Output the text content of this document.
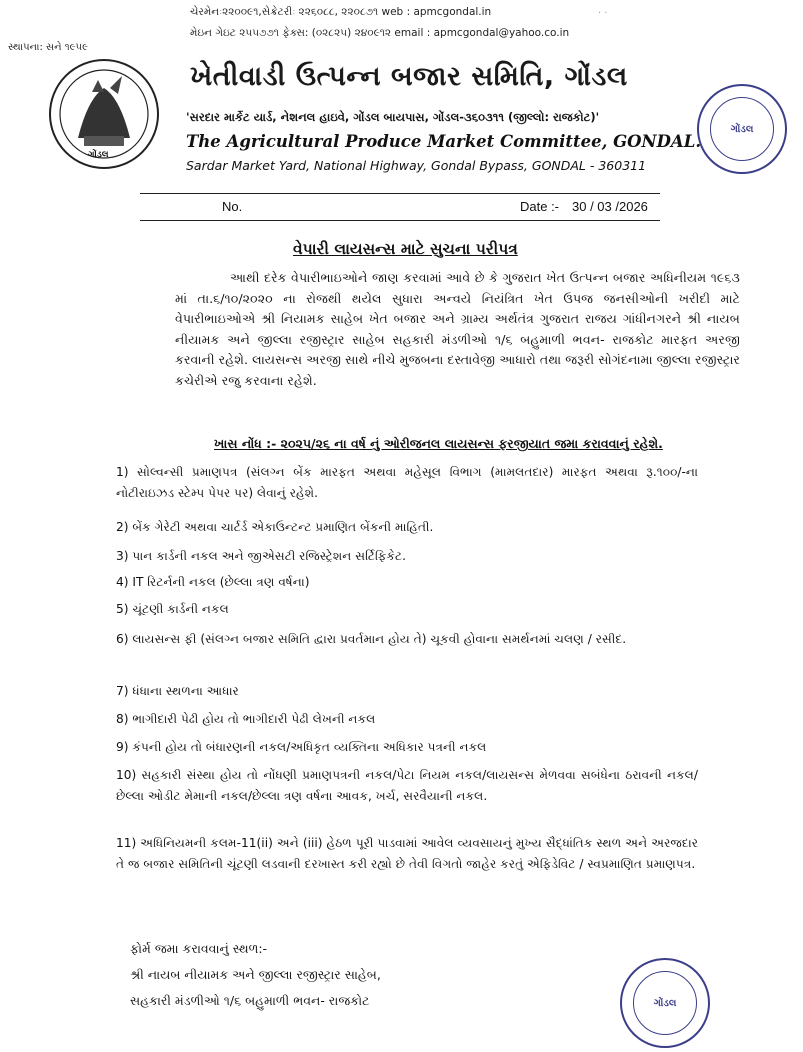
ચેરમેનઃ૨૨૦૦૯૧,સેક્રેટરીઃ ૨૨૬૦૮૮, ૨૨૦૮૭૧ web : apmcgondal.in
મેઇન ગેઇટ ૨૫૫૭૭૧ ફેક્સ: (૦૨૮૨૫) ૨૪૦૯૧૨ email : apmcgondal@yahoo.co.in
· ·
સ્થાપના: સને ૧૯૫૯
ગોંડલ
ખેતીવાડી ઉત્પન્ન બજાર સમિતિ, ગોંડલ
'સરદાર માર્કેટ યાર્ડ, નેશનલ હાઇવે, ગોંડલ બાયપાસ, ગોંડલ-૩૬૦૩૧૧ (જીલ્લો: રાજકોટ)'
The Agricultural Produce Market Committee, GONDAL.
Sardar Market Yard, National Highway, Gondal Bypass, GONDAL - 360311
ગોંડલ
No.	Date :- 30 / 03 /2026
વેપારી લાયસન્સ માટે સુચના પરીપત્ર

આથી દરેક વેપારીભાઇઓને જાણ કરવામાં આવે છે કે ગુજરાત ખેત ઉત્પન્ન બજાર અધિનીયમ ૧૯૬૩ માં તા.૬/૧૦/૨૦૨૦ ના રોજથી થયેલ સુધારા અન્વયે નિયંત્રિત ખેત ઉપજ જનસીઓની ખરીદી માટે વેપારીભાઇઓએ શ્રી નિયામક સાહેબ ખેત બજાર અને ગ્રામ્ય અર્થતંત્ર ગુજરાત રાજય ગાંધીનગરને શ્રી નાયબ નીયામક અને જીલ્લા રજીસ્ટ્રાર સાહેબ સહકારી મંડળીઓ ૧/૬ બહુમાળી ભવન- રાજકોટ મારફત અરજી કરવાની રહેશે. લાયસન્સ અરજી સાથે નીચે મુજબના દસ્તાવેજી આધારો તથા જરૂરી સોગંદનામા જીલ્લા રજીસ્ટ્રાર કચેરીએ રજુ કરવાના રહેશે.

ખાસ નોંધ :- ૨૦૨૫/૨૬ ના વર્ષ નું ઓરીજનલ લાયસન્સ ફરજીયાત જમા કરાવવાનું રહેશે.
1) સોલ્વન્સી પ્રમાણપત્ર (સંલગ્ન બેંક મારફત અથવા મહેસૂલ વિભાગ (મામલતદાર) મારફત અથવા રૂ.૧૦૦/-ના નોટીરાઇઝડ સ્ટેમ્પ પેપર પર) લેવાનું રહેશે.
2) બેંક ગેરેટી અથવા ચાર્ટર્ડ એકાઉન્ટન્ટ પ્રમાણિત બેંકની માહિતી.
3) પાન કાર્ડની નકલ અને જીએસટી રજિસ્ટ્રેશન સર્ટિફિકેટ.
4) IT રિટર્નની નકલ (છેલ્લા ત્રણ વર્ષના)
5) ચૂંટણી કાર્ડની નકલ
6) લાયસન્સ ફી (સંલગ્ન બજાર સમિતિ દ્વારા પ્રવર્તમાન હોય તે) ચૂકવી હોવાના સમર્થનમાં ચલણ / રસીદ.
7) ધંધાના સ્થળના આધાર
8) ભાગીદારી પેઢી હોય તો ભાગીદારી પેઢી લેખની નકલ
9) કંપની હોય તો બંધારણની નકલ/અધિકૃત વ્યક્તિના અધિકાર પત્રની નકલ
10) સહકારી સંસ્થા હોય તો નોંધણી પ્રમાણપત્રની નકલ/પેટા નિયમ નકલ/લાયસન્સ મેળવવા સબંધેના ઠરાવની નકલ/છેલ્લા ઓડીટ મેમાની નકલ/છેલ્લા ત્રણ વર્ષના આવક, ખર્ચ, સરવૈયાની નકલ.
11) અધિનિયમની કલમ-11(ii) અને (iii) હેઠળ પૂરી પાડવામાં આવેલ વ્યવસાયનું મુખ્ય સૈદ્ધાંતિક સ્થળ અને અરજદાર તે જ બજાર સમિતિની ચૂંટણી લડવાની દરખાસ્ત કરી રહ્યો છે તેવી વિગતો જાહેર કરતું એફિડેવિટ / સ્વપ્રમાણિત પ્રમાણપત્ર.
ફોર્મ જમા કરાવવાનું સ્થળ:-
શ્રી નાયબ નીયામક અને જીલ્લા રજીસ્ટ્રાર સાહેબ,
સહકારી મંડળીઓ ૧/૬ બહુમાળી ભવન- રાજકોટ	ગોંડલ
